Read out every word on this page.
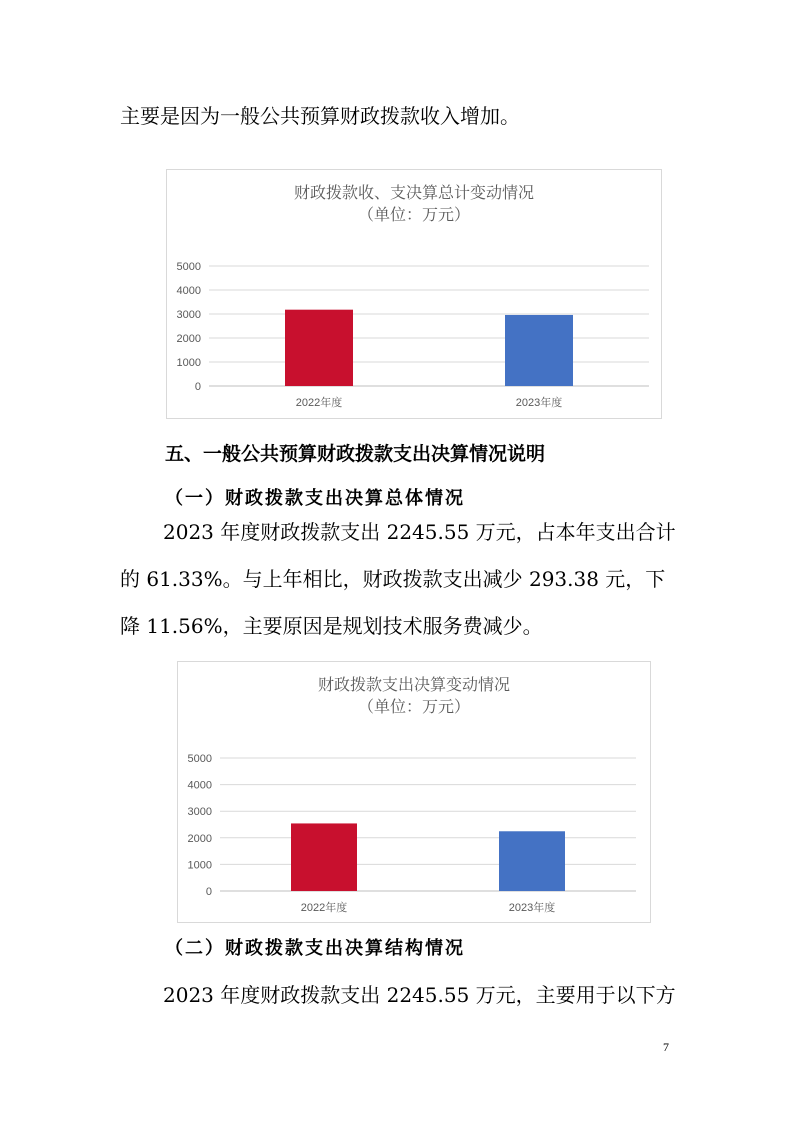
主要是因为一般公共预算财政拨款收入增加。

财政拨款收、支决算总计变动情况
（单位：万元）
0
1000
2000
3000
4000
5000
2022年度	2023年度
五、一般公共预算财政拨款支出决算情况说明
（一）财政拨款支出决算总体情况

2023 年度财政拨款支出 2245.55 万元，占本年支出合计

的 61.33%。与上年相比，财政拨款支出减少 293.38 元，下

降 11.56%，主要原因是规划技术服务费减少。

财政拨款支出决算变动情况
（单位：万元）
0
1000
2000
3000
4000
5000
2022年度	2023年度
（二）财政拨款支出决算结构情况

2023 年度财政拨款支出 2245.55 万元，主要用于以下方

7
